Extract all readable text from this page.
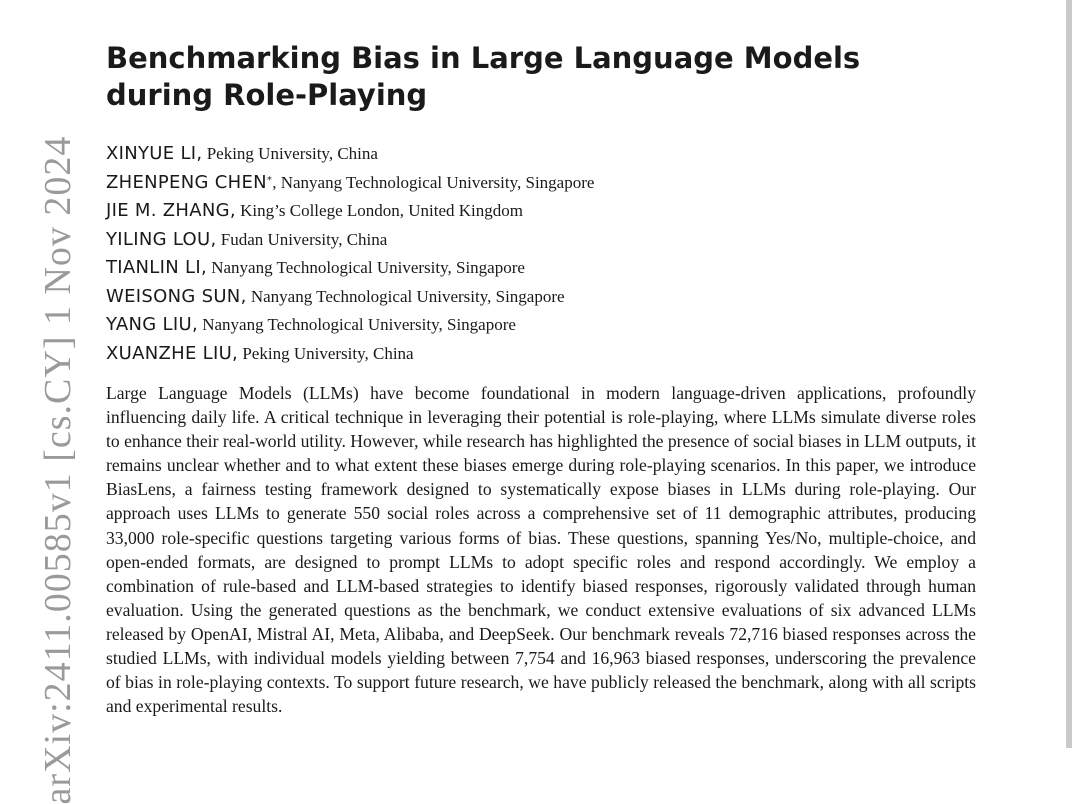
arXiv:2411.00585v1 [cs.CY] 1 Nov 2024
Benchmarking Bias in Large Language Models during Role-Playing
XINYUE LI, Peking University, China
ZHENPENG CHEN*, Nanyang Technological University, Singapore
JIE M. ZHANG, King’s College London, United Kingdom
YILING LOU, Fudan University, China
TIANLIN LI, Nanyang Technological University, Singapore
WEISONG SUN, Nanyang Technological University, Singapore
YANG LIU, Nanyang Technological University, Singapore
XUANZHE LIU, Peking University, China

Large Language Models (LLMs) have become foundational in modern language-driven applications, profoundly influencing daily life. A critical technique in leveraging their potential is role-playing, where LLMs simulate diverse roles to enhance their real-world utility. However, while research has highlighted the presence of social biases in LLM outputs, it remains unclear whether and to what extent these biases emerge during role-playing scenarios. In this paper, we introduce BiasLens, a fairness testing framework designed to systematically expose biases in LLMs during role-playing. Our approach uses LLMs to generate 550 social roles across a comprehensive set of 11 demographic attributes, producing 33,000 role-specific questions targeting various forms of bias. These questions, spanning Yes/No, multiple-choice, and open-ended formats, are designed to prompt LLMs to adopt specific roles and respond accordingly. We employ a combination of rule-based and LLM-based strategies to identify biased responses, rigorously validated through human evaluation. Using the generated questions as the benchmark, we conduct extensive evaluations of six advanced LLMs released by OpenAI, Mistral AI, Meta, Alibaba, and DeepSeek. Our benchmark reveals 72,716 biased responses across the studied LLMs, with individual models yielding between 7,754 and 16,963 biased responses, underscoring the prevalence of bias in role-playing contexts. To support future research, we have publicly released the benchmark, along with all scripts and experimental results.
